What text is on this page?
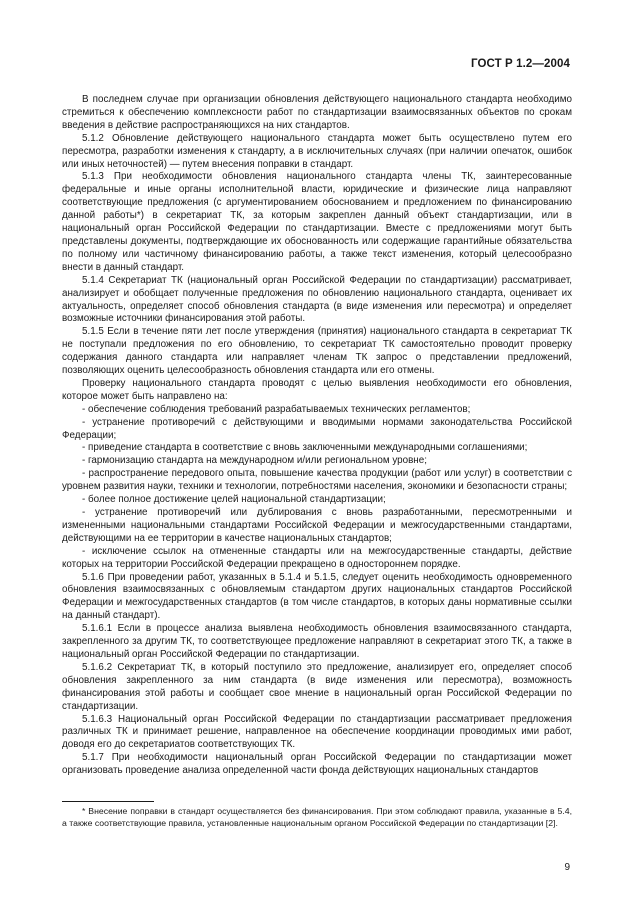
ГОСТ Р 1.2—2004

В последнем случае при организации обновления действующего национального стандарта необходимо стремиться к обеспечению комплексности работ по стандартизации взаимосвязанных объектов по срокам введения в действие распространяющихся на них стандартов.

5.1.2 Обновление действующего национального стандарта может быть осуществлено путем его пересмотра, разработки изменения к стандарту, а в исключительных случаях (при наличии опечаток, ошибок или иных неточностей) — путем внесения поправки в стандарт.

5.1.3 При необходимости обновления национального стандарта члены ТК, заинтересованные федеральные и иные органы исполнительной власти, юридические и физические лица направляют соответствующие предложения (с аргументированием обоснованием и предложением по финансированию данной работы*) в секретариат ТК, за которым закреплен данный объект стандартизации, или в национальный орган Российской Федерации по стандартизации. Вместе с предложениями могут быть представлены документы, подтверждающие их обоснованность или содержащие гарантийные обязательства по полному или частичному финансированию работы, а также текст изменения, который целесообразно внести в данный стандарт.

5.1.4 Секретариат ТК (национальный орган Российской Федерации по стандартизации) рассматривает, анализирует и обобщает полученные предложения по обновлению национального стандарта, оценивает их актуальность, определяет способ обновления стандарта (в виде изменения или пересмотра) и определяет возможные источники финансирования этой работы.

5.1.5 Если в течение пяти лет после утверждения (принятия) национального стандарта в секретариат ТК не поступали предложения по его обновлению, то секретариат ТК самостоятельно проводит проверку содержания данного стандарта или направляет членам ТК запрос о представлении предложений, позволяющих оценить целесообразность обновления стандарта или его отмены.

Проверку национального стандарта проводят с целью выявления необходимости его обновления, которое может быть направлено на:

- обеспечение соблюдения требований разрабатываемых технических регламентов;

- устранение противоречий с действующими и вводимыми нормами законодательства Российской Федерации;

- приведение стандарта в соответствие с вновь заключенными международными соглашениями;

- гармонизацию стандарта на международном и/или региональном уровне;

- распространение передового опыта, повышение качества продукции (работ или услуг) в соответствии с уровнем развития науки, техники и технологии, потребностями населения, экономики и безопасности страны;

- более полное достижение целей национальной стандартизации;

- устранение противоречий или дублирования с вновь разработанными, пересмотренными и измененными национальными стандартами Российской Федерации и межгосударственными стандартами, действующими на ее территории в качестве национальных стандартов;

- исключение ссылок на отмененные стандарты или на межгосударственные стандарты, действие которых на территории Российской Федерации прекращено в одностороннем порядке.

5.1.6 При проведении работ, указанных в 5.1.4 и 5.1.5, следует оценить необходимость одновременного обновления взаимосвязанных с обновляемым стандартом других национальных стандартов Российской Федерации и межгосударственных стандартов (в том числе стандартов, в которых даны нормативные ссылки на данный стандарт).

5.1.6.1 Если в процессе анализа выявлена необходимость обновления взаимосвязанного стандарта, закрепленного за другим ТК, то соответствующее предложение направляют в секретариат этого ТК, а также в национальный орган Российской Федерации по стандартизации.

5.1.6.2 Секретариат ТК, в который поступило это предложение, анализирует его, определяет способ обновления закрепленного за ним стандарта (в виде изменения или пересмотра), возможность финансирования этой работы и сообщает свое мнение в национальный орган Российской Федерации по стандартизации.

5.1.6.3 Национальный орган Российской Федерации по стандартизации рассматривает предложения различных ТК и принимает решение, направленное на обеспечение координации проводимых ими работ, доводя его до секретариатов соответствующих ТК.

5.1.7 При необходимости национальный орган Российской Федерации по стандартизации может организовать проведение анализа определенной части фонда действующих национальных стандартов

* Внесение поправки в стандарт осуществляется без финансирования. При этом соблюдают правила, указанные в 5.4, а также соответствующие правила, установленные национальным органом Российской Федерации по стандартизации [2].

9
